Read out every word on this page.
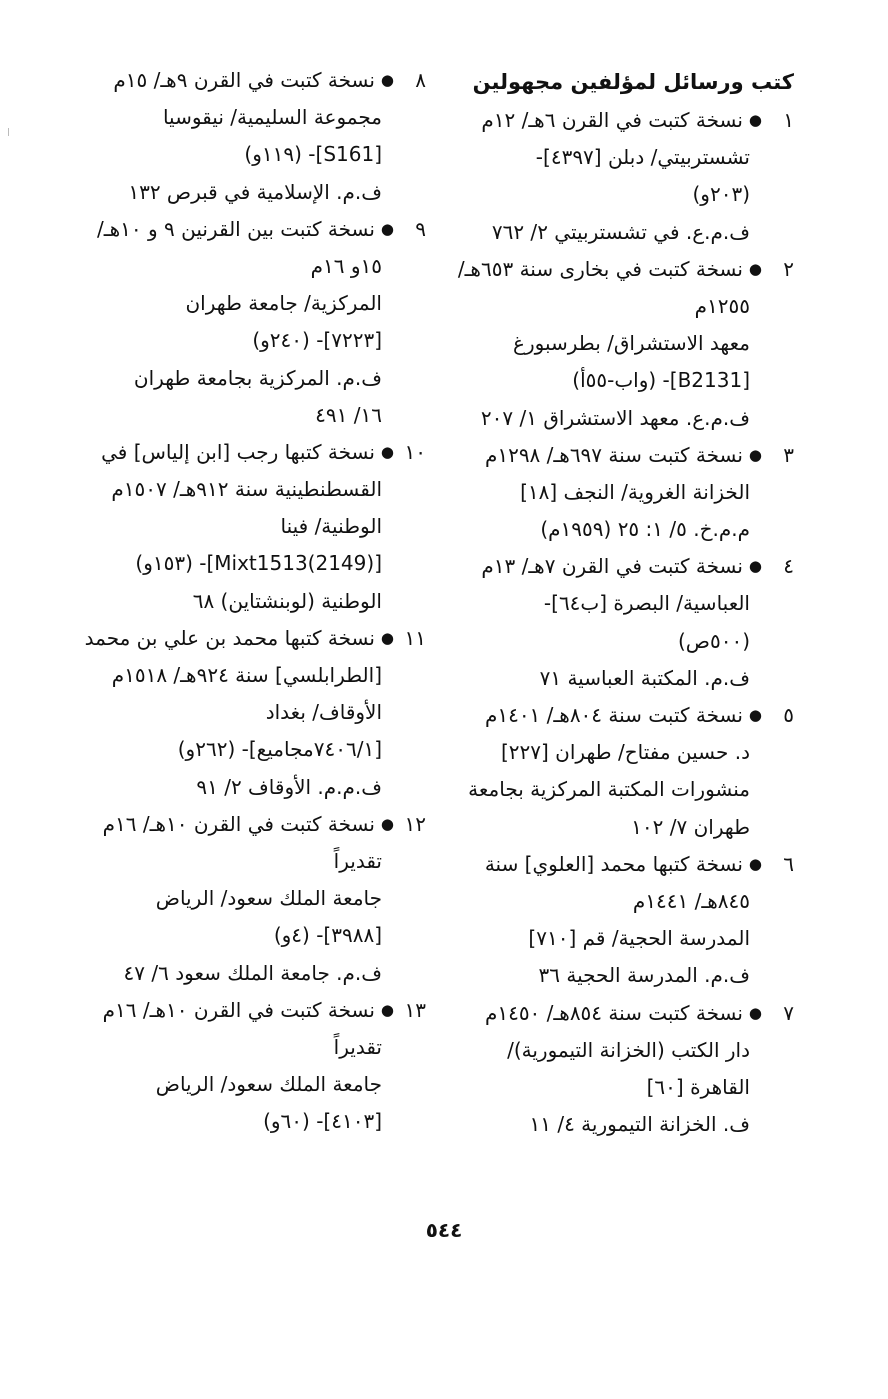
كتب ورسائل لمؤلفين مجهولين
١
●
نسخة كتبت في القرن ٦هـ/ ١٢م
تشستربيتي/ دبلن [٤٣٩٧]-
(٢٠٣و)
ف.م.ع. في تشستربيتي ٢/ ٧٦٢
٢
●
نسخة كتبت في بخارى سنة ٦٥٣هـ/
١٢٥٥م
معهد الاستشراق/ بطرسبورغ
[B2131]- (واب-٥٥أ)
ف.م.ع. معهد الاستشراق ١/ ٢٠٧
٣
●
نسخة كتبت سنة ٦٩٧هـ/ ١٢٩٨م
الخزانة الغروية/ النجف [١٨]
م.م.خ. ٥/ ١: ٢٥ (١٩٥٩م)
٤
●
نسخة كتبت في القرن ٧هـ/ ١٣م
العباسية/ البصرة [ب٦٤]-
(٥٠٠ص)
ف.م. المكتبة العباسية ٧١
٥
●
نسخة كتبت سنة ٨٠٤هـ/ ١٤٠١م
د. حسين مفتاح/ طهران [٢٢٧]
منشورات المكتبة المركزية بجامعة
طهران ٧/ ١٠٢
٦
●
نسخة كتبها محمد [العلوي] سنة
٨٤٥هـ/ ١٤٤١م
المدرسة الحجية/ قم [٧١٠]
ف.م. المدرسة الحجية ٣٦
٧
●
نسخة كتبت سنة ٨٥٤هـ/ ١٤٥٠م
دار الكتب (الخزانة التيمورية)/
القاهرة [٦٠]
ف. الخزانة التيمورية ٤/ ١١
٨
●
نسخة كتبت في القرن ٩هـ/ ١٥م
مجموعة السليمية/ نيقوسيا
[S161]- (١١٩و)
ف.م. الإسلامية في قبرص ١٣٢
٩
●
نسخة كتبت بين القرنين ٩ و ١٠هـ/
١٥و ١٦م
المركزية/ جامعة طهران
[٧٢٢٣]- (٢٤٠و)
ف.م. المركزية بجامعة طهران
١٦/ ٤٩١
١٠
●
نسخة كتبها رجب [ابن إلياس] في
القسطنطينية سنة ٩١٢هـ/ ١٥٠٧م
الوطنية/ فينا
[(2149)Mixt1513]- (١٥٣و)
الوطنية (لوبنشتاين) ٦٨
١١
●
نسخة كتبها محمد بن علي بن محمد
[الطرابلسي] سنة ٩٢٤هـ/ ١٥١٨م
الأوقاف/ بغداد
[٧٤٠٦/١مجاميع]- (٢٦٢و)
ف.م.م. الأوقاف ٢/ ٩١
١٢
●
نسخة كتبت في القرن ١٠هـ/ ١٦م
تقديراً
جامعة الملك سعود/ الرياض
[٣٩٨٨]- (٤و)
ف.م. جامعة الملك سعود ٦/ ٤٧
١٣
●
نسخة كتبت في القرن ١٠هـ/ ١٦م
تقديراً
جامعة الملك سعود/ الرياض
[٤١٠٣]- (٦٠و)
٥٤٤
